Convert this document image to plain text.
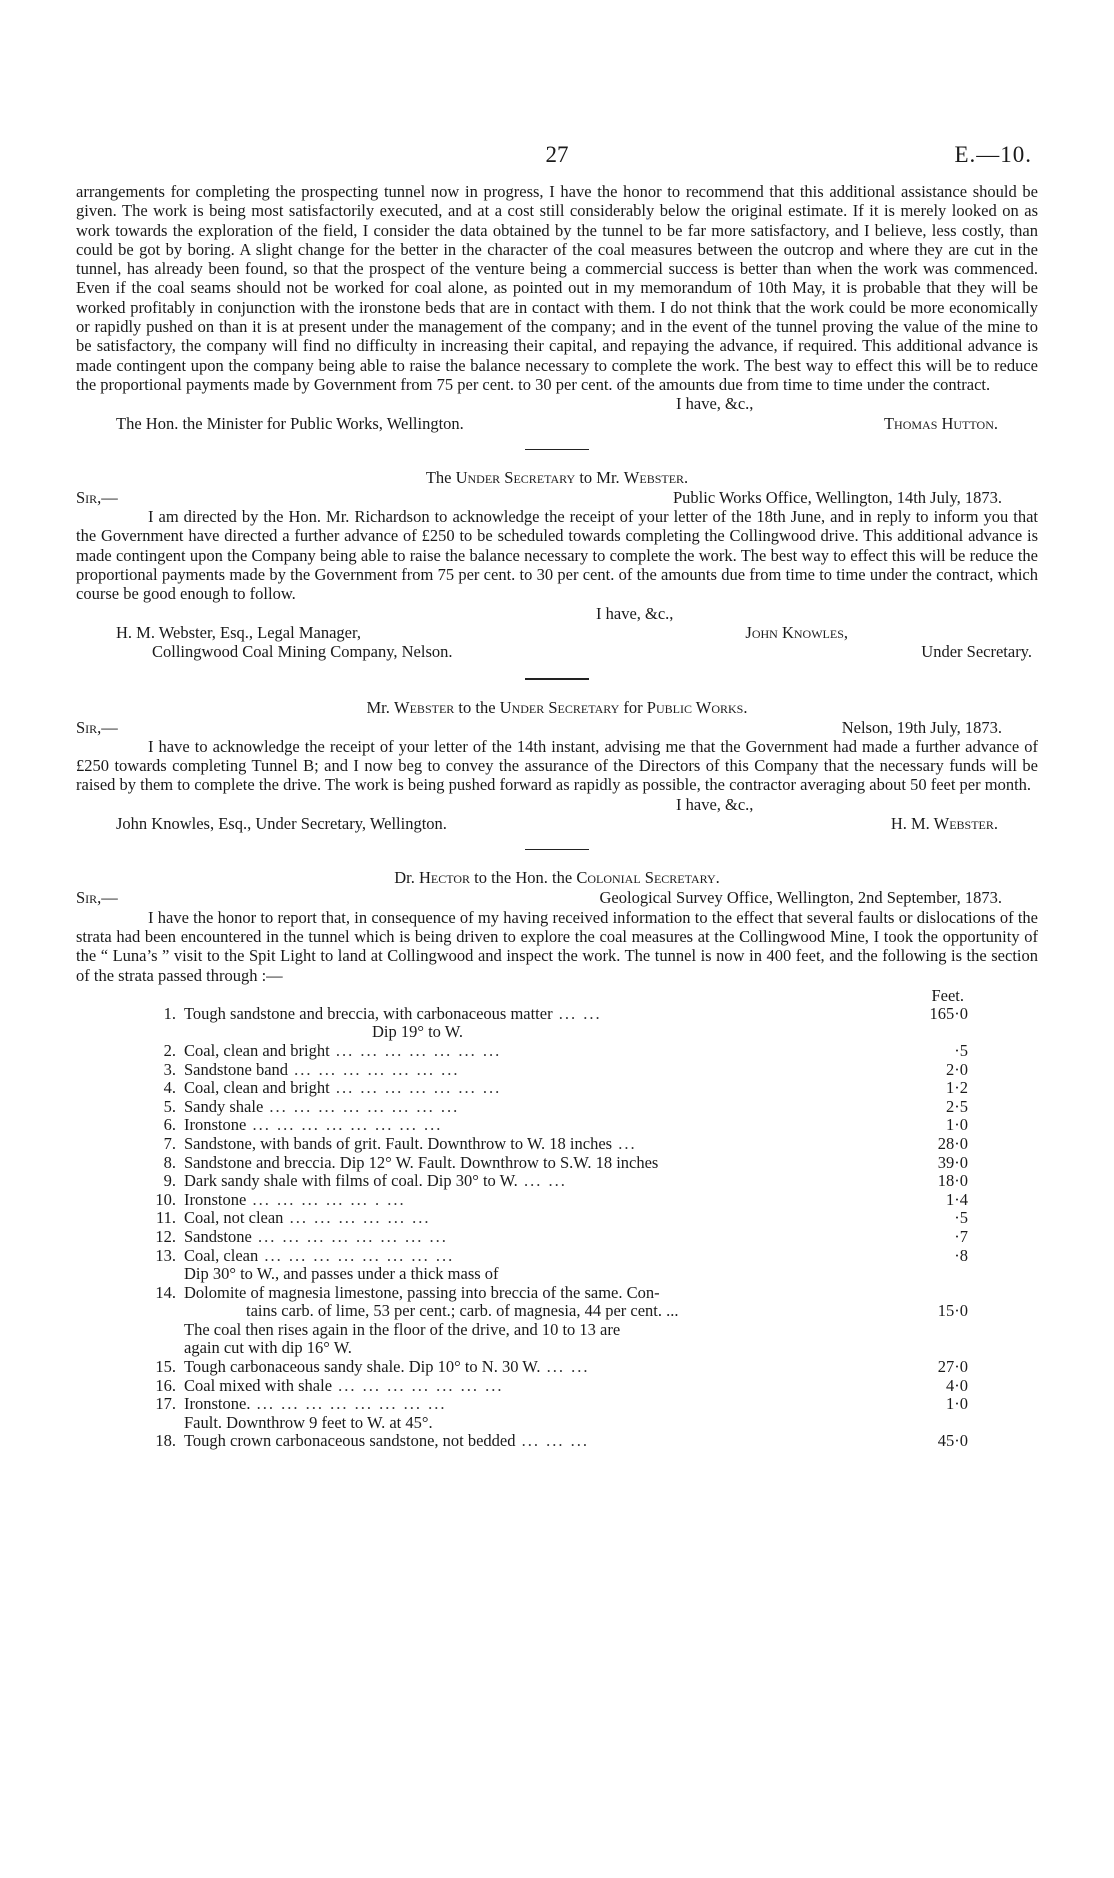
27	E.—10.

arrangements for completing the prospecting tunnel now in progress, I have the honor to recommend that this additional assistance should be given. The work is being most satisfactorily executed, and at a cost still considerably below the original estimate. If it is merely looked on as work towards the exploration of the field, I consider the data obtained by the tunnel to be far more satisfactory, and I believe, less costly, than could be got by boring. A slight change for the better in the character of the coal measures between the outcrop and where they are cut in the tunnel, has already been found, so that the prospect of the venture being a commercial success is better than when the work was commenced. Even if the coal seams should not be worked for coal alone, as pointed out in my memorandum of 10th May, it is probable that they will be worked profitably in conjunction with the ironstone beds that are in contact with them. I do not think that the work could be more economically or rapidly pushed on than it is at present under the management of the company; and in the event of the tunnel proving the value of the mine to be satisfactory, the company will find no difficulty in increasing their capital, and repaying the advance, if required. This additional advance is made contingent upon the company being able to raise the balance necessary to complete the work. The best way to effect this will be to reduce the proportional payments made by Government from 75 per cent. to 30 per cent. of the amounts due from time to time under the contract.

I have, &c.,
The Hon. the Minister for Public Works, Wellington.	Thomas Hutton.
The Under Secretary to Mr. Webster.
Sir,—	Public Works Office, Wellington, 14th July, 1873.

I am directed by the Hon. Mr. Richardson to acknowledge the receipt of your letter of the 18th June, and in reply to inform you that the Government have directed a further advance of £250 to be scheduled towards completing the Collingwood drive. This additional advance is made contingent upon the Company being able to raise the balance necessary to complete the work. The best way to effect this will be reduce the proportional payments made by the Government from 75 per cent. to 30 per cent. of the amounts due from time to time under the contract, which course be good enough to follow.

I have, &c.,
H. M. Webster, Esq., Legal Manager,	John Knowles,
Collingwood Coal Mining Company, Nelson.	Under Secretary.
Mr. Webster to the Under Secretary for Public Works.
Sir,—	Nelson, 19th July, 1873.

I have to acknowledge the receipt of your letter of the 14th instant, advising me that the Government had made a further advance of £250 towards completing Tunnel B; and I now beg to convey the assurance of the Directors of this Company that the necessary funds will be raised by them to complete the drive. The work is being pushed forward as rapidly as possible, the contractor averaging about 50 feet per month.

I have, &c.,
John Knowles, Esq., Under Secretary, Wellington.	H. M. Webster.
Dr. Hector to the Hon. the Colonial Secretary.
Sir,—	Geological Survey Office, Wellington, 2nd September, 1873.

I have the honor to report that, in consequence of my having received information to the effect that several faults or dislocations of the strata had been encountered in the tunnel which is being driven to explore the coal measures at the Collingwood Mine, I took the opportunity of the “ Luna’s ” visit to the Spit Light to land at Collingwood and inspect the work. The tunnel is now in 400 feet, and the following is the section of the strata passed through :—

Feet.
1. Tough sandstone and breccia, with carbonaceous matter ... ...	165·0
Dip 19° to W.
2. Coal, clean and bright ... ... ... ... ... ... ...	·5
3. Sandstone band ... ... ... ... ... ... ...	2·0
4. Coal, clean and bright ... ... ... ... ... ... ...	1·2
5. Sandy shale ... ... ... ... ... ... ... ...	2·5
6. Ironstone ... ... ... ... ... ... ... ...	1·0
7. Sandstone, with bands of grit. Fault. Downthrow to W. 18 inches ...	28·0
8. Sandstone and breccia. Dip 12° W. Fault. Downthrow to S.W. 18 inches	39·0
9. Dark sandy shale with films of coal. Dip 30° to W. ... ...	18·0
10. Ironstone ... ... ... ... ... . ...	1·4
11. Coal, not clean ... ... ... ... ... ...	·5
12. Sandstone ... ... ... ... ... ... ... ...	·7
13. Coal, clean ... ... ... ... ... ... ... ...	·8
Dip 30° to W., and passes under a thick mass of
14. Dolomite of magnesia limestone, passing into breccia of the same. Con-
tains carb. of lime, 53 per cent.; carb. of magnesia, 44 per cent. ...	15·0
The coal then rises again in the floor of the drive, and 10 to 13 are
again cut with dip 16° W.
15. Tough carbonaceous sandy shale. Dip 10° to N. 30 W. ... ...	27·0
16. Coal mixed with shale ... ... ... ... ... ... ...	4·0
17. Ironstone. ... ... ... ... ... ... ... ...	1·0
Fault. Downthrow 9 feet to W. at 45°.
18. Tough crown carbonaceous sandstone, not bedded ... ... ...	45·0
